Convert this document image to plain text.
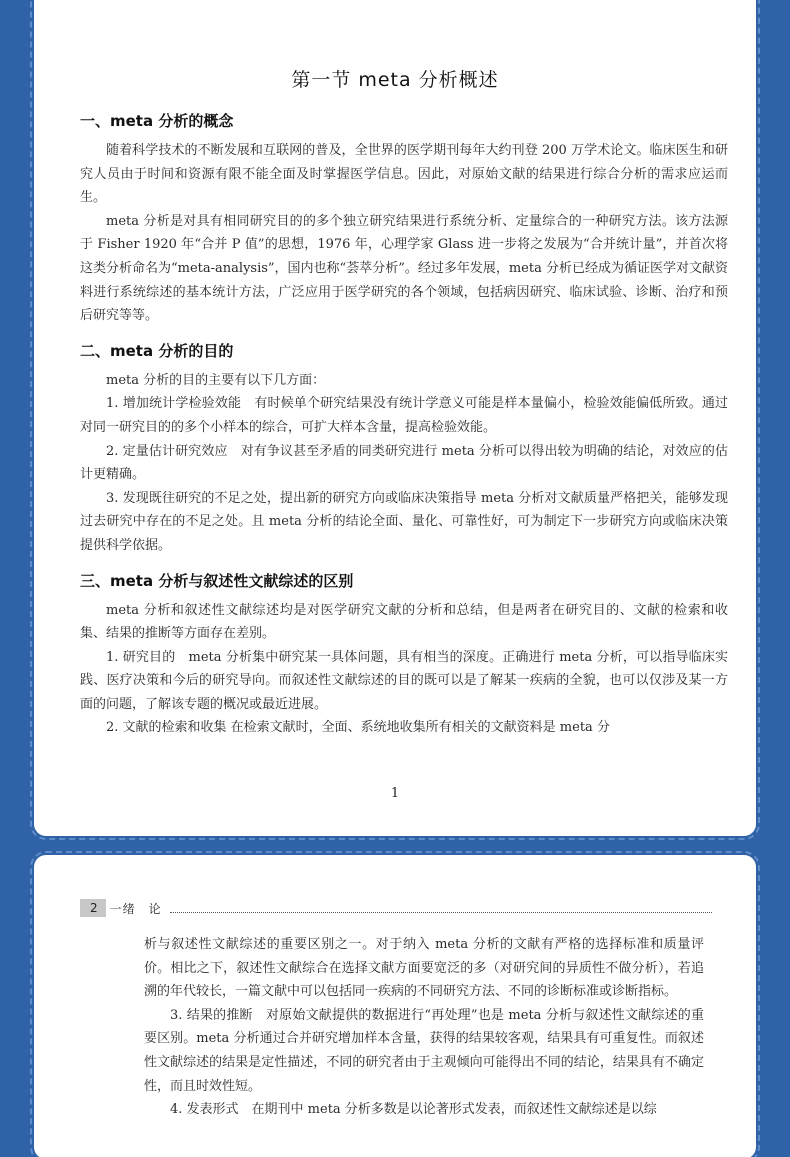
第一节 meta 分析概述
一、meta 分析的概念

随着科学技术的不断发展和互联网的普及，全世界的医学期刊每年大约刊登 200 万学术论文。临床医生和研究人员由于时间和资源有限不能全面及时掌握医学信息。因此，对原始文献的结果进行综合分析的需求应运而生。

meta 分析是对具有相同研究目的的多个独立研究结果进行系统分析、定量综合的一种研究方法。该方法源于 Fisher 1920 年“合并 P 值”的思想，1976 年，心理学家 Glass 进一步将之发展为“合并统计量”，并首次将这类分析命名为“meta-analysis”，国内也称“荟萃分析”。经过多年发展，meta 分析已经成为循证医学对文献资料进行系统综述的基本统计方法，广泛应用于医学研究的各个领域，包括病因研究、临床试验、诊断、治疗和预后研究等等。

二、meta 分析的目的

meta 分析的目的主要有以下几方面：

1. 增加统计学检验效能　有时候单个研究结果没有统计学意义可能是样本量偏小，检验效能偏低所致。通过对同一研究目的的多个小样本的综合，可扩大样本含量，提高检验效能。

2. 定量估计研究效应　对有争议甚至矛盾的同类研究进行 meta 分析可以得出较为明确的结论，对效应的估计更精确。

3. 发现既往研究的不足之处，提出新的研究方向或临床决策指导 meta 分析对文献质量严格把关，能够发现过去研究中存在的不足之处。且 meta 分析的结论全面、量化、可靠性好，可为制定下一步研究方向或临床决策提供科学依据。

三、meta 分析与叙述性文献综述的区别

meta 分析和叙述性文献综述均是对医学研究文献的分析和总结，但是两者在研究目的、文献的检索和收集、结果的推断等方面存在差别。

1. 研究目的　meta 分析集中研究某一具体问题，具有相当的深度。正确进行 meta 分析，可以指导临床实践、医疗决策和今后的研究导向。而叙述性文献综述的目的既可以是了解某一疾病的全貌，也可以仅涉及某一方面的问题，了解该专题的概况或最近进展。

2. 文献的检索和收集 在检索文献时，全面、系统地收集所有相关的文献资料是 meta 分

1
2	一绪　论

析与叙述性文献综述的重要区别之一。对于纳入 meta 分析的文献有严格的选择标准和质量评价。相比之下，叙述性文献综合在选择文献方面要宽泛的多（对研究间的异质性不做分析），若追溯的年代较长，一篇文献中可以包括同一疾病的不同研究方法、不同的诊断标准或诊断指标。

3. 结果的推断　对原始文献提供的数据进行“再处理”也是 meta 分析与叙述性文献综述的重要区别。meta 分析通过合并研究增加样本含量，获得的结果较客观，结果具有可重复性。而叙述性文献综述的结果是定性描述，不同的研究者由于主观倾向可能得出不同的结论，结果具有不确定性，而且时效性短。

4. 发表形式　在期刊中 meta 分析多数是以论著形式发表，而叙述性文献综述是以综
